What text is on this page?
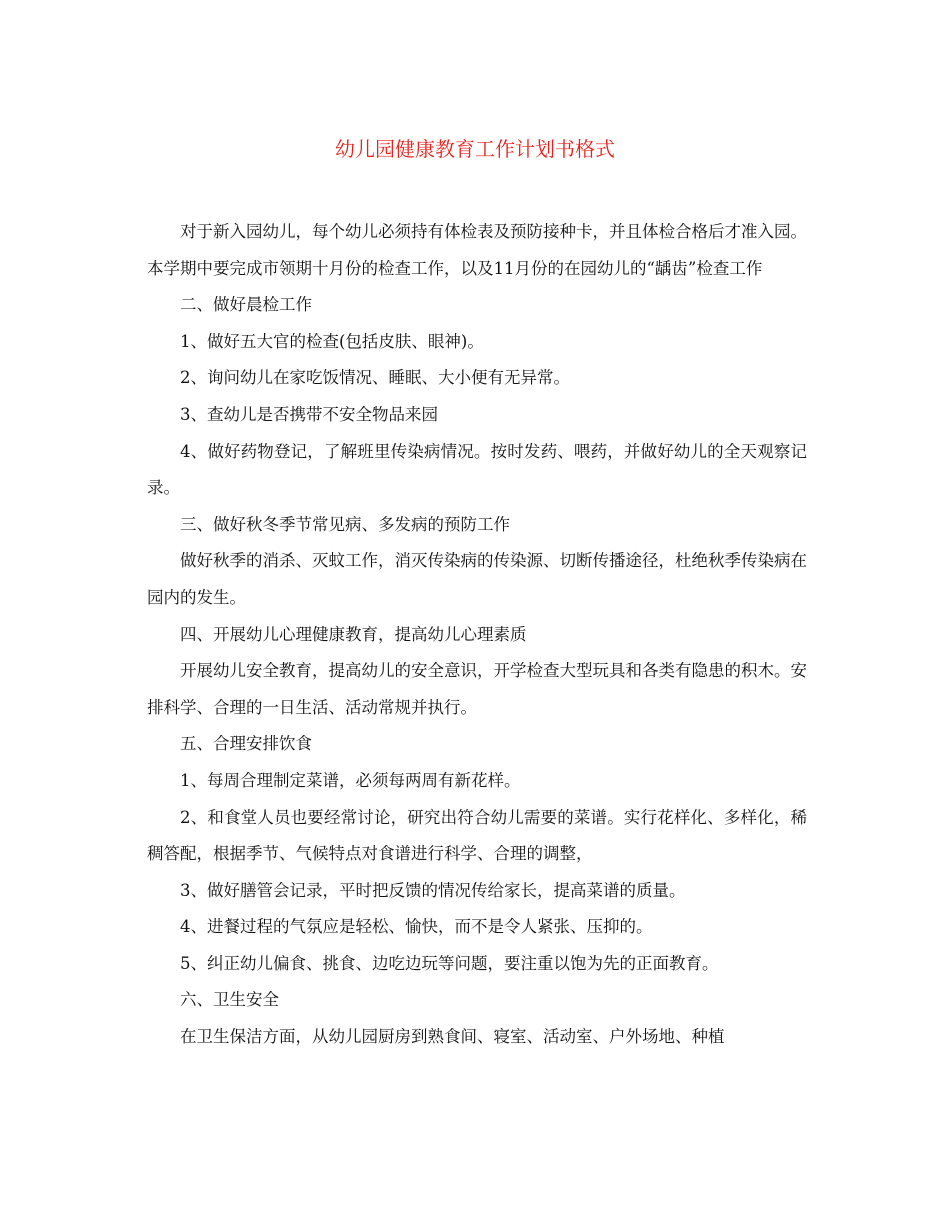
幼儿园健康教育工作计划书格式

对于新入园幼儿，每个幼儿必须持有体检表及预防接种卡，并且体检合格后才准入园。本学期中要完成市领期十月份的检查工作，以及11月份的在园幼儿的“龋齿”检查工作

二、做好晨检工作

1、做好五大官的检查(包括皮肤、眼神)。

2、询问幼儿在家吃饭情况、睡眠、大小便有无异常。

3、查幼儿是否携带不安全物品来园

4、做好药物登记，了解班里传染病情况。按时发药、喂药，并做好幼儿的全天观察记录。

三、做好秋冬季节常见病、多发病的预防工作

做好秋季的消杀、灭蚊工作，消灭传染病的传染源、切断传播途径，杜绝秋季传染病在园内的发生。

四、开展幼儿心理健康教育，提高幼儿心理素质

开展幼儿安全教育，提高幼儿的安全意识，开学检查大型玩具和各类有隐患的积木。安排科学、合理的一日生活、活动常规并执行。

五、合理安排饮食

1、每周合理制定菜谱，必须每两周有新花样。

2、和食堂人员也要经常讨论，研究出符合幼儿需要的菜谱。实行花样化、多样化，稀稠答配，根据季节、气候特点对食谱进行科学、合理的调整，

3、做好膳管会记录，平时把反馈的情况传给家长，提高菜谱的质量。

4、进餐过程的气氛应是轻松、愉快，而不是令人紧张、压抑的。

5、纠正幼儿偏食、挑食、边吃边玩等问题，要注重以饱为先的正面教育。

六、卫生安全

在卫生保洁方面，从幼儿园厨房到熟食间、寝室、活动室、户外场地、种植
